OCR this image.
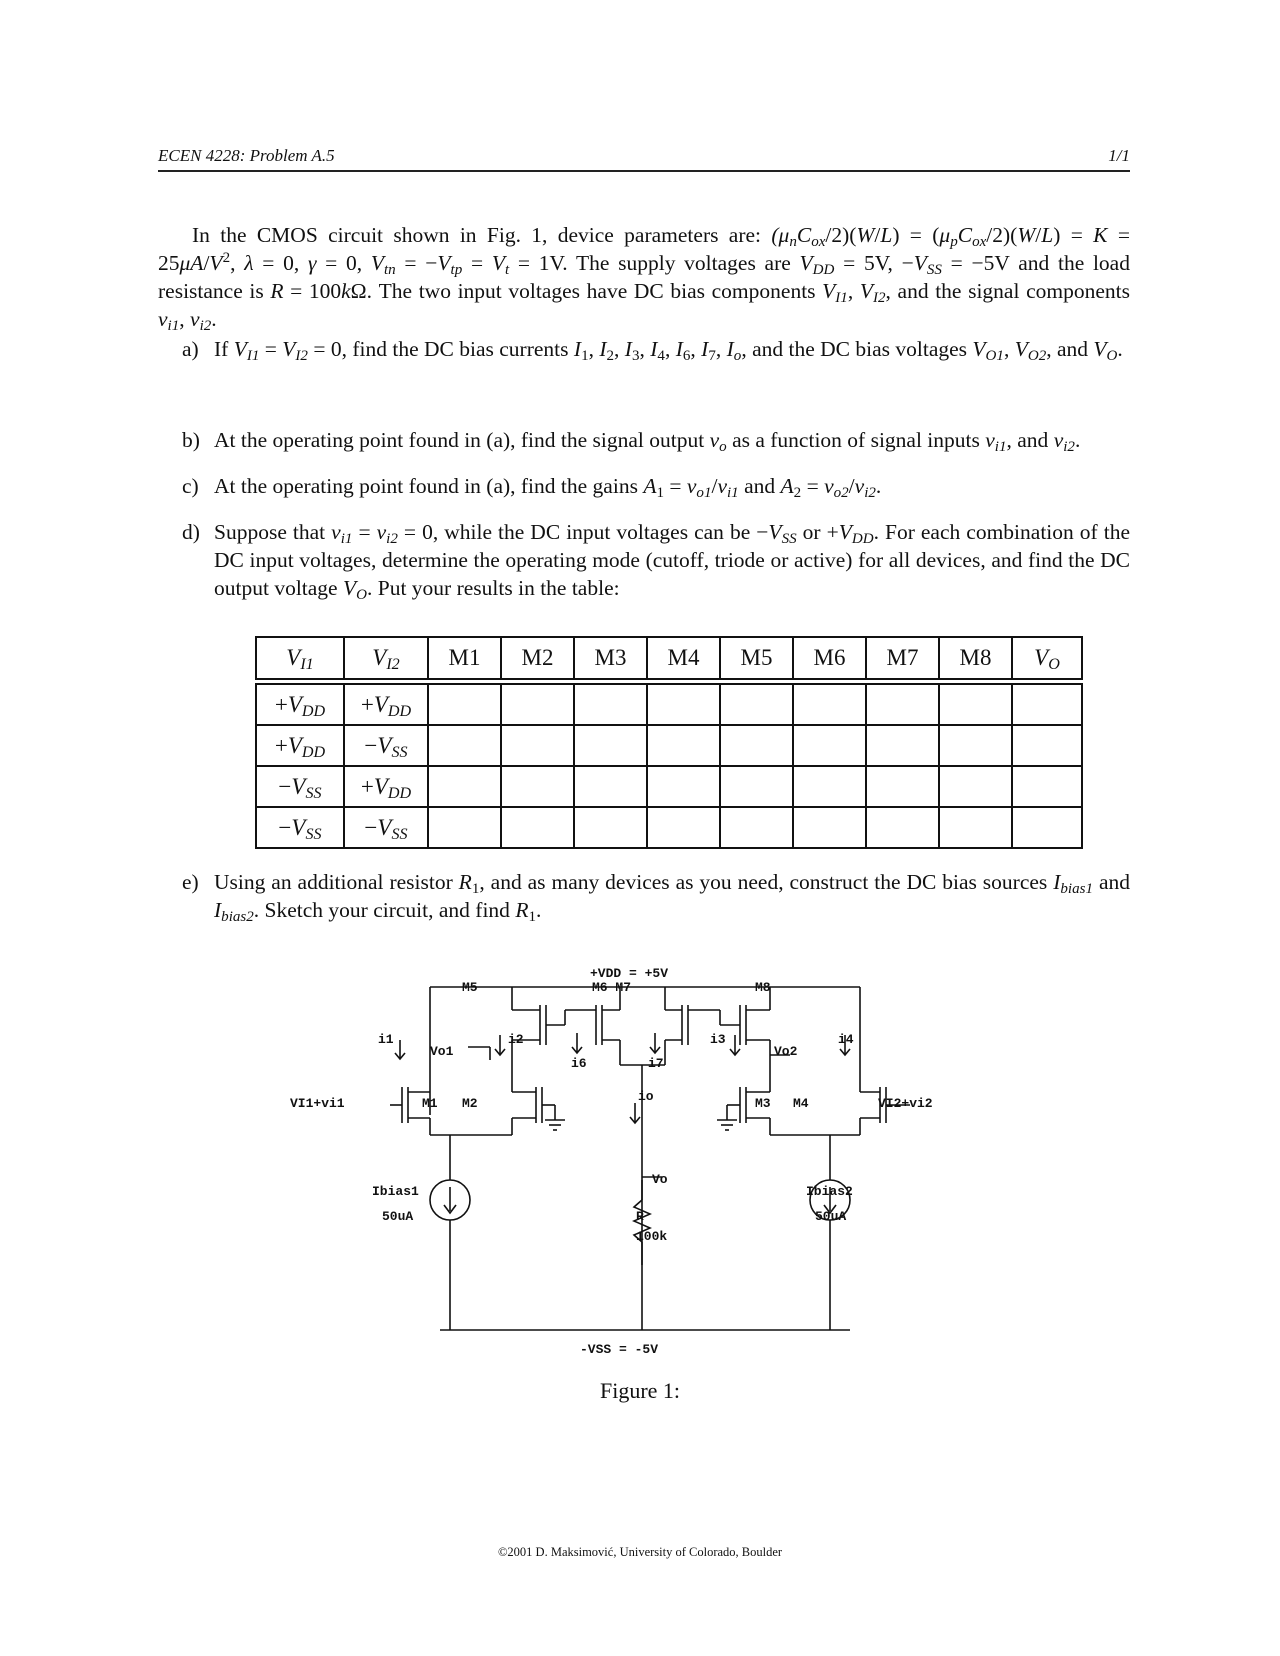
ECEN 4228: Problem A.5	1/1
In the CMOS circuit shown in Fig. 1, device parameters are: $(\mu_nC_{ox}/2)(W/L) = (\mu_pC_{ox}/2)(W/L) = K = 25\mu A/V^2$, λ = 0, γ = 0, $V_{tn} = -V_{tp} = V_t = 1V$. The supply voltages are $V_{DD} = 5V$, $-V_{SS} = -5V$ and the load resistance is R = 100kΩ. The two input voltages have DC bias components $V_{I1}$, $V_{I2}$, and the signal components $v_{i1}$, $v_{i2}$.
a) If $V_{I1} = V_{I2} = 0$, find the DC bias currents $I_1$, $I_2$, $I_3$, $I_4$, $I_6$, $I_7$, $I_o$, and the DC bias voltages $V_{O1}$, $V_{O2}$, and $V_O$.
b) At the operating point found in (a), find the signal output $v_o$ as a function of signal inputs $v_{i1}$, and $v_{i2}$.
c) At the operating point found in (a), find the gains $A_1 = v_{o1}/v_{i1}$ and $A_2 = v_{o2}/v_{i2}$.
d) Suppose that $v_{i1} = v_{i2} = 0$, while the DC input voltages can be $-V_{SS}$ or $+V_{DD}$. For each combination of the DC input voltages, determine the operating mode (cutoff, triode or active) for all devices, and find the DC output voltage $V_O$. Put your results in the table:
$V_{I1}$	$V_{I2}$	M1	M2	M3	M4	M5	M6	M7	M8	$V_O$

$+V_{DD}$	$+V_{DD}$									
$+V_{DD}$	$-V_{SS}$									
$-V_{SS}$	$+V_{DD}$									
$-V_{SS}$	$-V_{SS}$									
e) Using an additional resistor $R_1$, and as many devices as you need, construct the DC bias sources $I_{bias1}$ and $I_{bias2}$. Sketch your circuit, and find $R_1$.
+VDD = +5V
-VSS = -5V
M5	M6 M7	M8
M1 M2	M3 M4
i1	i2	i3	i4
i6	i7
io
Vo1	Vo2
Vo
VI1+vi1	VI2+vi2
Ibias1
50uA
Ibias2
50uA
R
100k
Figure 1:
©2001 D. Maksimović, University of Colorado, Boulder
